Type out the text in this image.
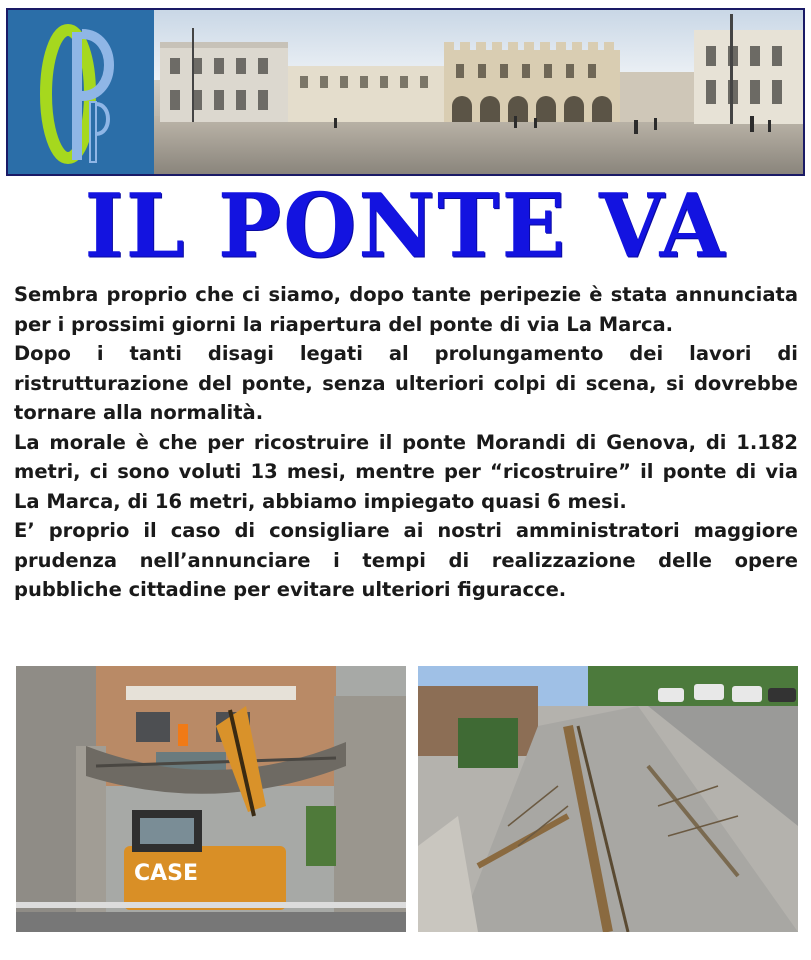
IL PONTE VA

Sembra proprio che ci siamo, dopo tante peripezie è stata annunciata per i prossimi giorni la riapertura del ponte di via La Marca.

Dopo i tanti disagi legati al prolungamento dei lavori di ristrutturazione del ponte, senza ulteriori colpi di scena, si dovrebbe tornare alla normalità.

La morale è che per ricostruire il ponte Morandi di Genova, di 1.182 metri, ci sono voluti 13 mesi, mentre per “ricostruire” il ponte di via La Marca, di 16 metri, abbiamo impiegato quasi 6 mesi.

E’ proprio il caso di consigliare ai nostri amministratori maggiore prudenza nell’annunciare i tempi di realizzazione delle opere pubbliche cittadine per evitare ulteriori figuracce.

CASE
